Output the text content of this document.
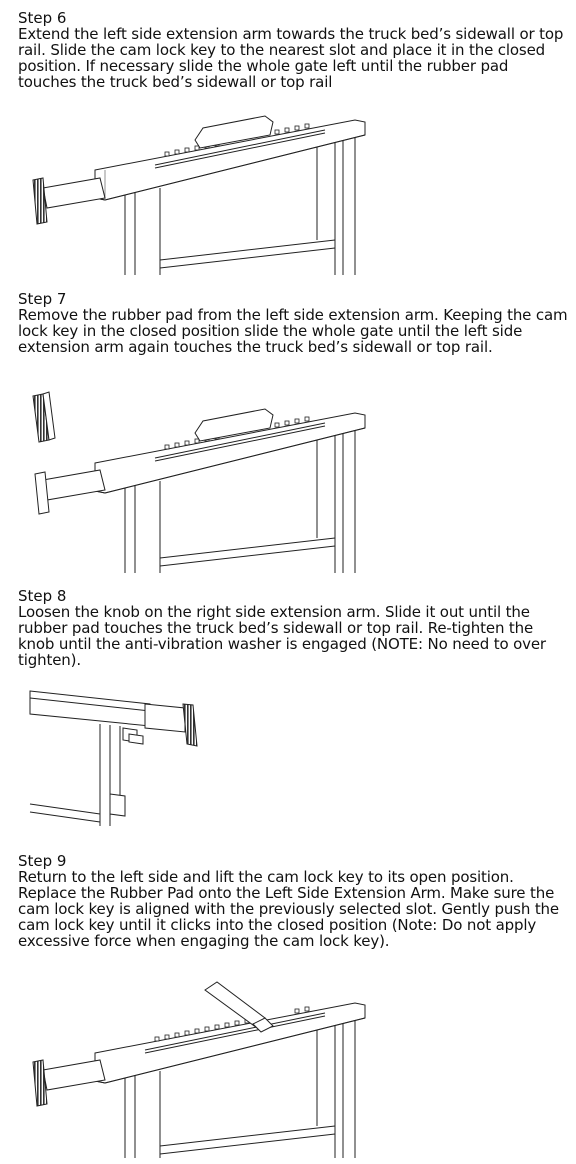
Step 6

Extend the left side extension arm towards the truck bed’s sidewall or top rail. Slide the cam lock key to the nearest slot and place it in the closed position. If necessary slide the whole gate left until the rubber pad touches the truck bed’s sidewall or top rail

Step 7

Remove the rubber pad from the left side extension arm. Keeping the cam lock key in the closed position slide the whole gate until the left side extension arm again touches the truck bed’s sidewall or top rail.

Step 8

Loosen the knob on the right side extension arm. Slide it out until the rubber pad touches the truck bed’s sidewall or top rail. Re-tighten the knob until the anti-vibration washer is engaged (NOTE: No need to over tighten).

Step 9

Return to the left side and lift the cam lock key to its open position. Replace the Rubber Pad onto the Left Side Extension Arm. Make sure the cam lock key is aligned with the previously selected slot. Gently push the cam lock key until it clicks into the closed position (Note: Do not apply excessive force when engaging the cam lock key).
